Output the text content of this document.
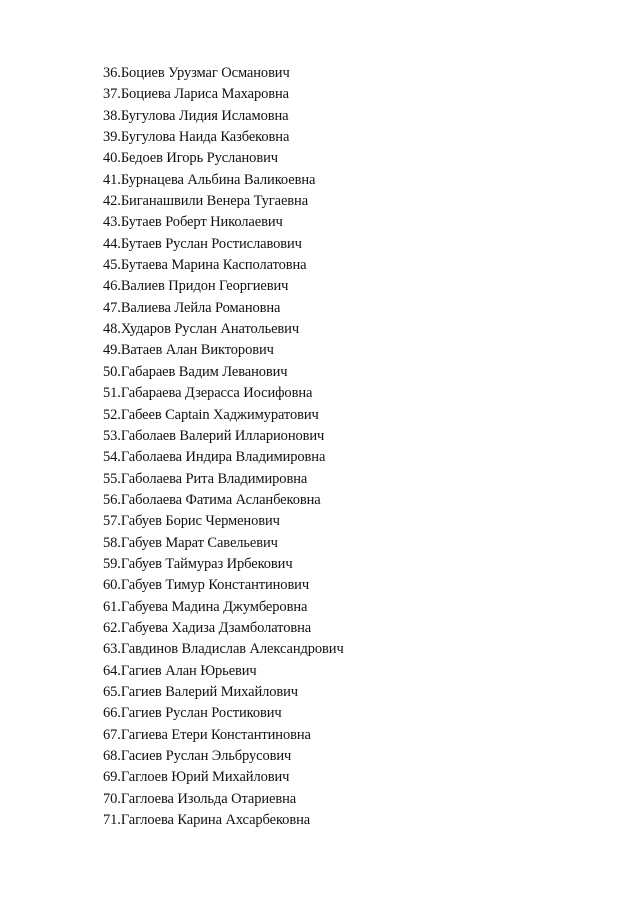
36.Боциев Урузмаг Османович
37.Боциева Лариса Махаровна
38.Бугулова Лидия Исламовна
39.Бугулова Наида Казбековна
40.Бедоев Игорь Русланович
41.Бурнацева Альбина Валикоевна
42.Биганашвили Венера Тугаевна
43.Бутаев Роберт Николаевич
44.Бутаев Руслан Ростиславович
45.Бутаева Марина Касполатовна
46.Валиев Придон Георгиевич
47.Валиева Лейла Романовна
48.Хударов Руслан Анатольевич
49.Ватаев Алан Викторович
50.Габараев Вадим Леванович
51.Габараева Дзерасса Иосифовна
52.Габеев Captain Хаджимуратович
53.Габолаев Валерий Илларионович
54.Габолаева Индира Владимировна
55.Габолаева Рита Владимировна
56.Габолаева Фатима Асланбековна
57.Габуев Борис Черменович
58.Габуев Марат Савельевич
59.Габуев Таймураз Ирбекович
60.Габуев Тимур Константинович
61.Габуева Мадина Джумберовна
62.Габуева Хадиза Дзамболатовна
63.Гавдинов Владислав Александрович
64.Гагиев Алан Юрьевич
65.Гагиев Валерий Михайлович
66.Гагиев Руслан Ростикович
67.Гагиева Етери Константиновна
68.Гасиев Руслан Эльбрусович
69.Гаглоев Юрий Михайлович
70.Гаглоева Изольда Отариевна
71.Гаглоева Карина Ахсарбековна
